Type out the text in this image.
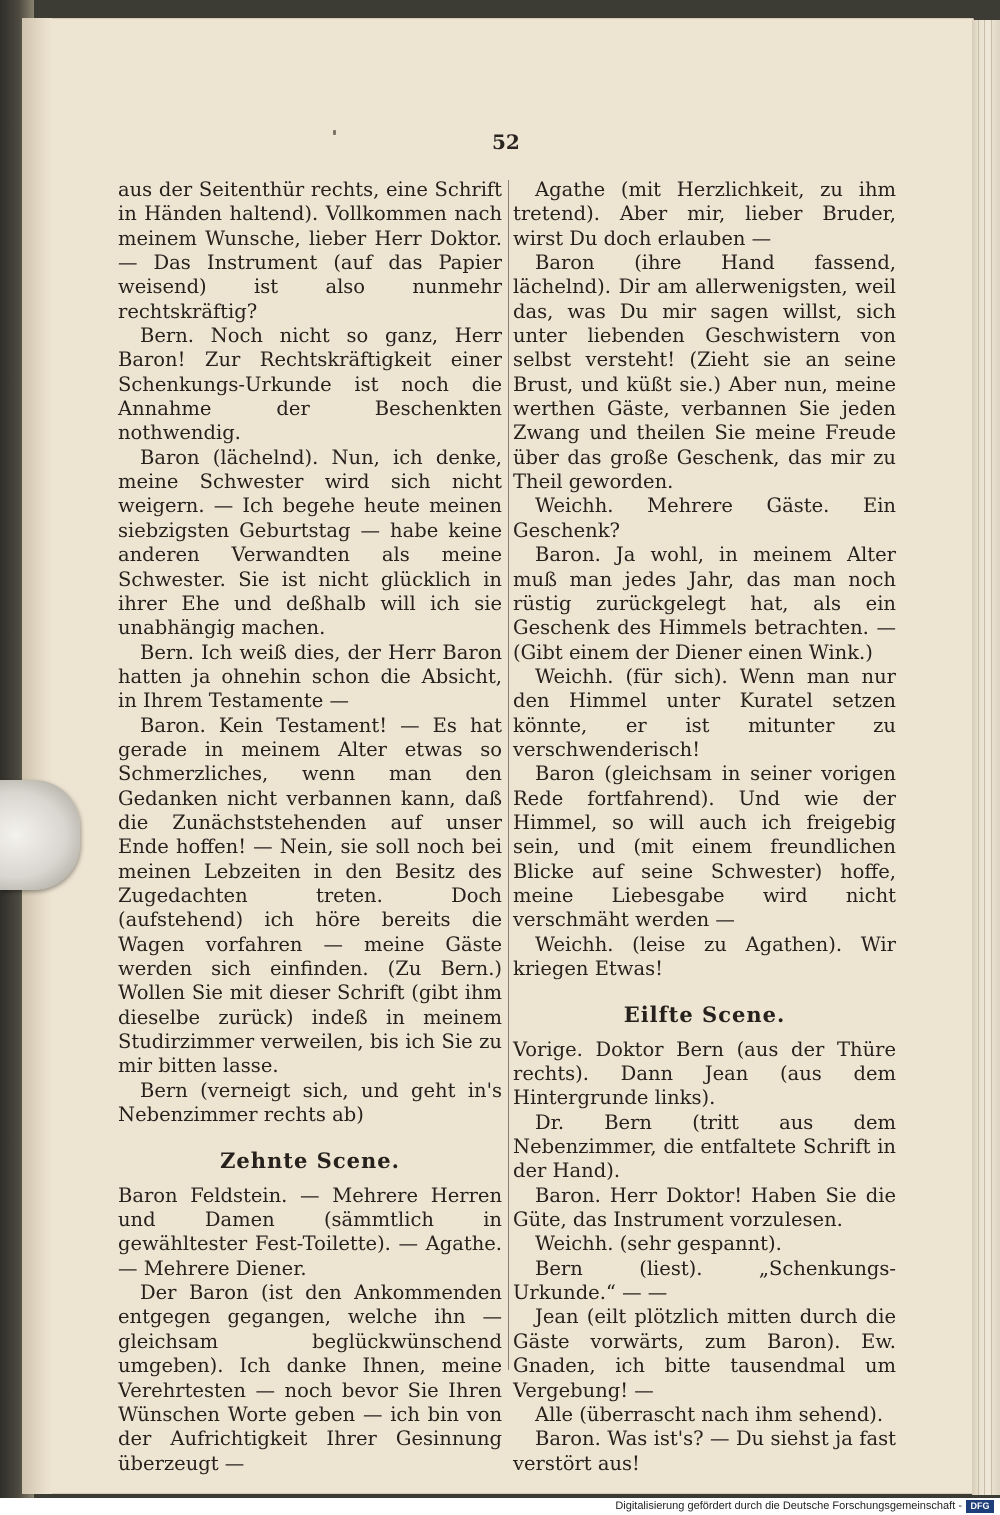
52

aus der Seitenthür rechts, eine Schrift in Händen haltend). Vollkommen nach meinem Wunsche, lieber Herr Doktor. — Das Instrument (auf das Papier weisend) ist also nunmehr rechtskräftig?

Bern. Noch nicht so ganz, Herr Baron! Zur Rechtskräftigkeit einer Schenkungs-Urkunde ist noch die Annahme der Beschenkten nothwendig.

Baron (lächelnd). Nun, ich denke, meine Schwester wird sich nicht weigern. — Ich begehe heute meinen siebzigsten Geburtstag — habe keine anderen Verwandten als meine Schwester. Sie ist nicht glücklich in ihrer Ehe und deßhalb will ich sie unabhängig machen.

Bern. Ich weiß dies, der Herr Baron hatten ja ohnehin schon die Absicht, in Ihrem Testamente —

Baron. Kein Testament! — Es hat gerade in meinem Alter etwas so Schmerzliches, wenn man den Gedanken nicht verbannen kann, daß die Zunächststehenden auf unser Ende hoffen! — Nein, sie soll noch bei meinen Lebzeiten in den Besitz des Zugedachten treten. Doch (aufstehend) ich höre bereits die Wagen vorfahren — meine Gäste werden sich einfinden. (Zu Bern.) Wollen Sie mit dieser Schrift (gibt ihm dieselbe zurück) indeß in meinem Studirzimmer verweilen, bis ich Sie zu mir bitten lasse.

Bern (verneigt sich, und geht in's Nebenzimmer rechts ab)

Zehnte Scene.

Baron Feldstein. — Mehrere Herren und Damen (sämmtlich in gewähltester Fest-Toilette). — Agathe. — Mehrere Diener.

Der Baron (ist den Ankommenden entgegen gegangen, welche ihn — gleichsam beglückwünschend umgeben). Ich danke Ihnen, meine Verehrtesten — noch bevor Sie Ihren Wünschen Worte geben — ich bin von der Aufrichtigkeit Ihrer Gesinnung überzeugt —

Agathe (mit Herzlichkeit, zu ihm tretend). Aber mir, lieber Bruder, wirst Du doch erlauben —

Baron (ihre Hand fassend, lächelnd). Dir am allerwenigsten, weil das, was Du mir sagen willst, sich unter liebenden Geschwistern von selbst versteht! (Zieht sie an seine Brust, und küßt sie.) Aber nun, meine werthen Gäste, verbannen Sie jeden Zwang und theilen Sie meine Freude über das große Geschenk, das mir zu Theil geworden.

Weichh. Mehrere Gäste. Ein Geschenk?

Baron. Ja wohl, in meinem Alter muß man jedes Jahr, das man noch rüstig zurückgelegt hat, als ein Geschenk des Himmels betrachten. — (Gibt einem der Diener einen Wink.)

Weichh. (für sich). Wenn man nur den Himmel unter Kuratel setzen könnte, er ist mitunter zu verschwenderisch!

Baron (gleichsam in seiner vorigen Rede fortfahrend). Und wie der Himmel, so will auch ich freigebig sein, und (mit einem freundlichen Blicke auf seine Schwester) hoffe, meine Liebesgabe wird nicht verschmäht werden —

Weichh. (leise zu Agathen). Wir kriegen Etwas!

Eilfte Scene.

Vorige. Doktor Bern (aus der Thüre rechts). Dann Jean (aus dem Hintergrunde links).

Dr. Bern (tritt aus dem Nebenzimmer, die entfaltete Schrift in der Hand).

Baron. Herr Doktor! Haben Sie die Güte, das Instrument vorzulesen.

Weichh. (sehr gespannt).

Bern (liest). „Schenkungs-Urkunde.“ — —

Jean (eilt plötzlich mitten durch die Gäste vorwärts, zum Baron). Ew. Gnaden, ich bitte tausendmal um Vergebung! —

Alle (überrascht nach ihm sehend).

Baron. Was ist's? — Du siehst ja fast verstört aus!

Digitalisierung gefördert durch die Deutsche Forschungsgemeinschaft - DFG
